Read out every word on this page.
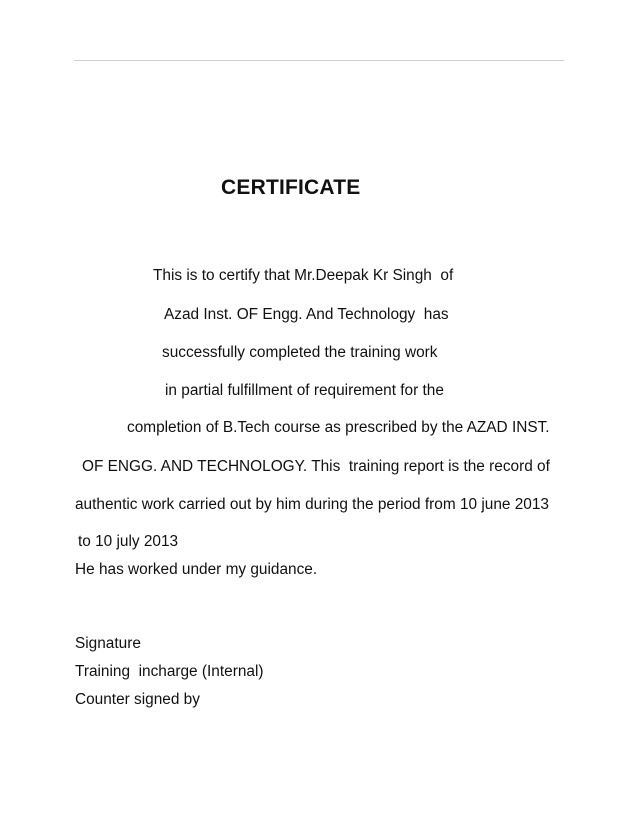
CERTIFICATE
This is to certify that Mr.Deepak Kr Singh  of
Azad Inst. OF Engg. And Technology  has
successfully completed the training work
in partial fulfillment of requirement for the
completion of B.Tech course as prescribed by the AZAD INST.
OF ENGG. AND TECHNOLOGY. This  training report is the record of
authentic work carried out by him during the period from 10 june 2013
to 10 july 2013
He has worked under my guidance.
Signature
Training  incharge (Internal)
Counter signed by
